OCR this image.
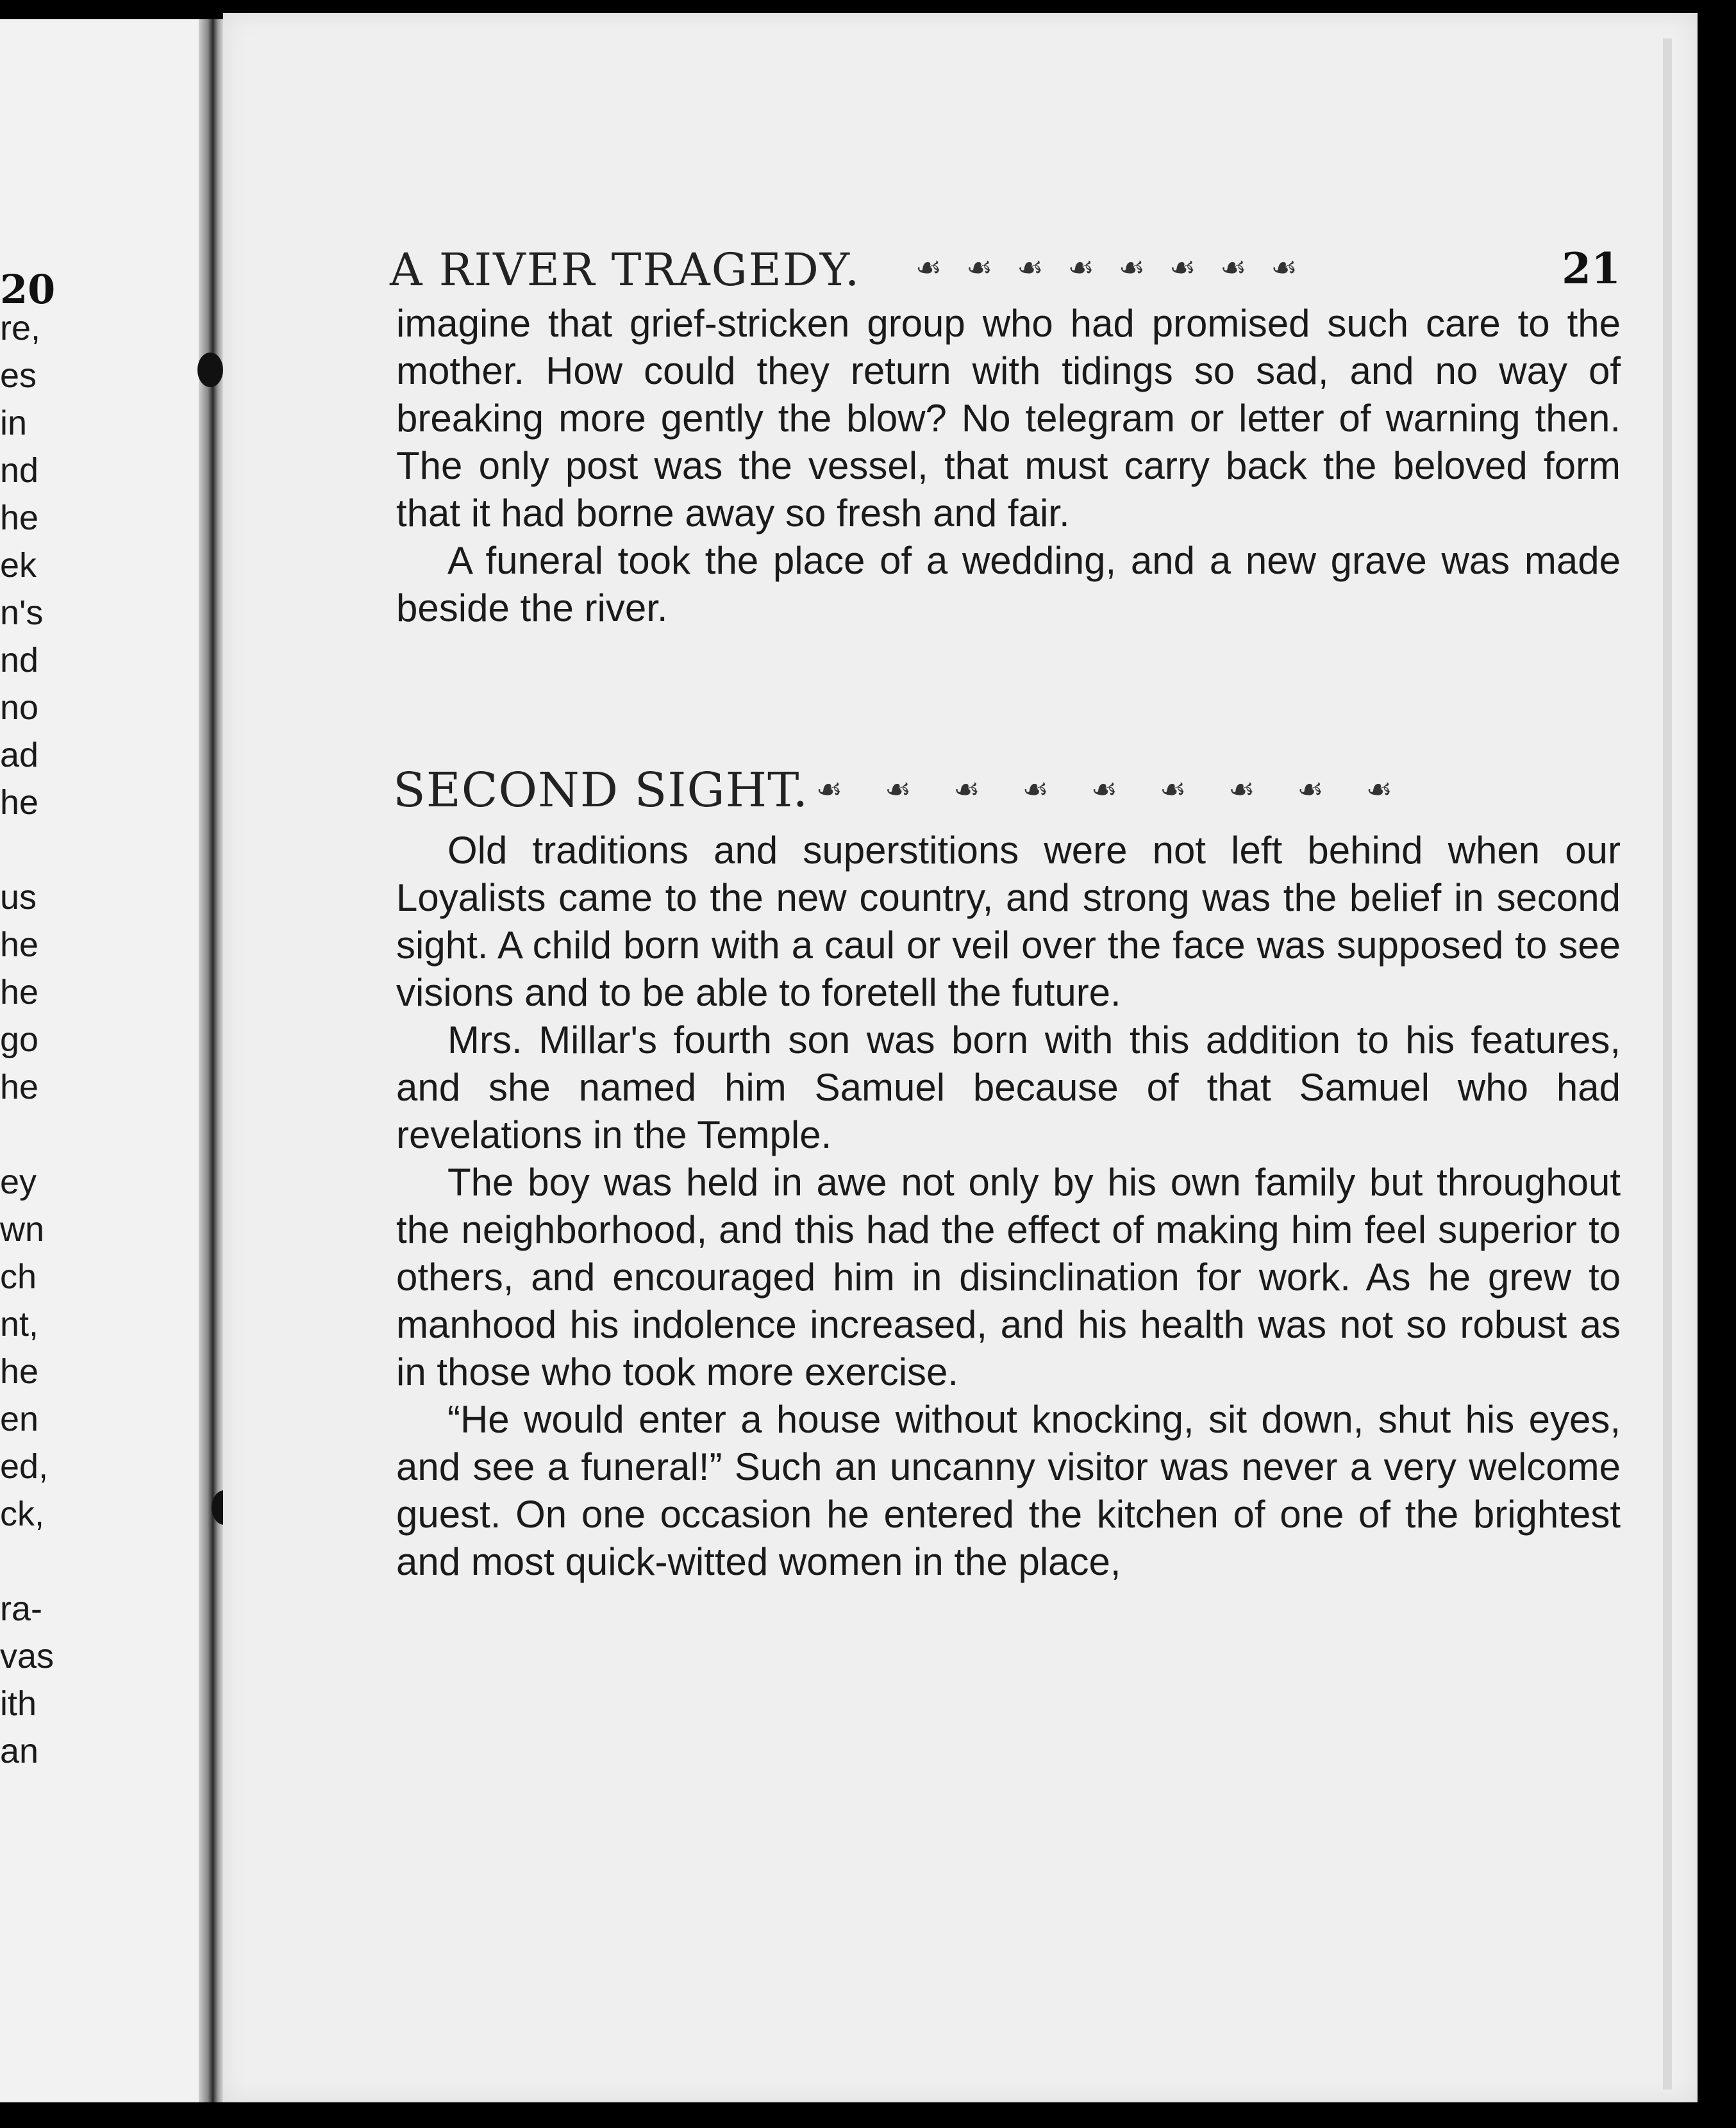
20
re,
es
in
nd
he
ek
n's
nd
no
ad
he
us
he
he
go
he
ey
wn
ch
nt,
he
en
ed,
ck,
ra-
vas
ith
an
A RIVER TRAGEDY. ☙☙☙☙☙☙☙☙	21

imagine that grief-stricken group who had promised such care to the mother. How could they return with tidings so sad, and no way of breaking more gently the blow? No telegram or letter of warning then. The only post was the vessel, that must carry back the beloved form that it had borne away so fresh and fair.

A funeral took the place of a wedding, and a new grave was made beside the river.

SECOND SIGHT. ☙☙☙☙☙☙☙☙☙

Old traditions and superstitions were not left behind when our Loyalists came to the new country, and strong was the belief in second sight. A child born with a caul or veil over the face was supposed to see visions and to be able to foretell the future.

Mrs. Millar's fourth son was born with this addition to his features, and she named him Samuel because of that Samuel who had revelations in the Temple.

The boy was held in awe not only by his own family but throughout the neighborhood, and this had the effect of making him feel superior to others, and encouraged him in disinclination for work. As he grew to manhood his indolence increased, and his health was not so robust as in those who took more exercise.

“He would enter a house without knocking, sit down, shut his eyes, and see a funeral!” Such an uncanny visitor was never a very welcome guest. On one occasion he entered the kitchen of one of the brightest and most quick-witted women in the place,
